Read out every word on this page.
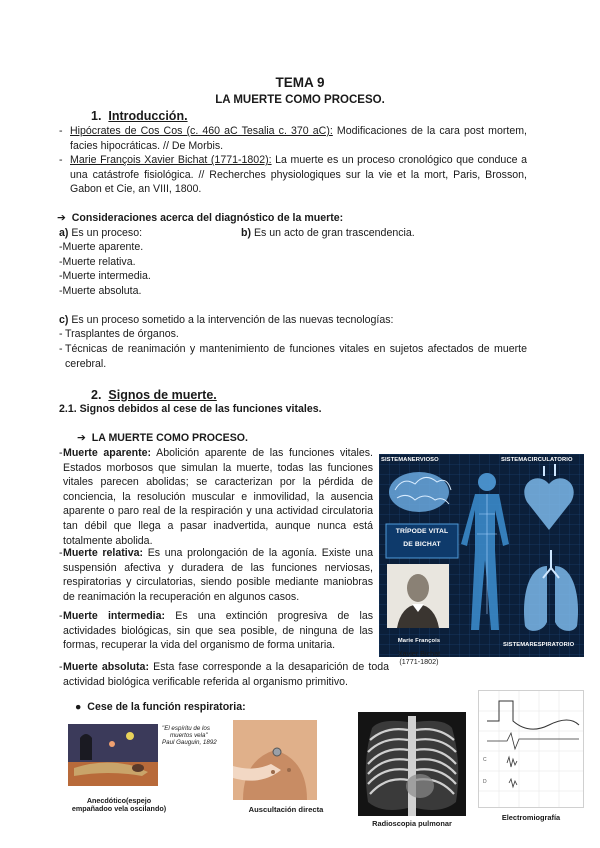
TEMA 9
LA MUERTE COMO PROCESO.
1. Introducción.
- Hipócrates de Cos Cos (c. 460 aC Tesalia c. 370 aC): Modificaciones de la cara post mortem, facies hipocráticas. // De Morbis.
- Marie François Xavier Bichat (1771-1802): La muerte es un proceso cronológico que conduce a una catástrofe fisiológica. // Recherches physiologiques sur la vie et la mort, Paris, Brosson, Gabon et Cie, an VIII, 1800.
➔ Consideraciones acerca del diagnóstico de la muerte:
a) Es un proceso:	b) Es un acto de gran trascendencia.
-Muerte aparente.
-Muerte relativa.
-Muerte intermedia.
-Muerte absoluta.
c) Es un proceso sometido a la intervención de las nuevas tecnologías:
- Trasplantes de órganos.
- Técnicas de reanimación y mantenimiento de funciones vitales en sujetos afectados de muerte cerebral.
2. Signos de muerte.
2.1. Signos debidos al cese de las funciones vitales.
➔ LA MUERTE COMO PROCESO.
- Muerte aparente: Abolición aparente de las funciones vitales. Estados morbosos que simulan la muerte, todas las funciones vitales parecen abolidas; se caracterizan por la pérdida de conciencia, la resolución muscular e inmovilidad, la ausencia aparente o paro real de la respiración y una actividad circulatoria tan débil que llega a pasar inadvertida, aunque nunca está totalmente abolida.
- Muerte relativa: Es una prolongación de la agonía. Existe una suspensión afectiva y duradera de las funciones nerviosas, respiratorias y circulatorias, siendo posible mediante maniobras de reanimación la recuperación en algunos casos.
- Muerte intermedia: Es una extinción progresiva de las actividades biológicas, sin que sea posible, de ninguna de las formas, recuperar la vida del organismo de forma unitaria.
- Muerte absoluta: Esta fase corresponde a la desaparición de toda actividad biológica verificable referida al organismo primitivo.
SISTEMANERVIOSO	SISTEMACIRCULATORIO
TRÍPODE VITAL
DE BICHAT
Marie François
SISTEMARESPIRATORIO
Xavier Bichat
(1771-1802)
● Cese de la función respiratoria:
"El espíritu de los
muertos vela"
Paul Gauguin, 1892
Anecdótico(espejo
empañadoo vela oscilando)	Auscultación directa
Radioscopia pulmonar
C
D
Electromiografía
